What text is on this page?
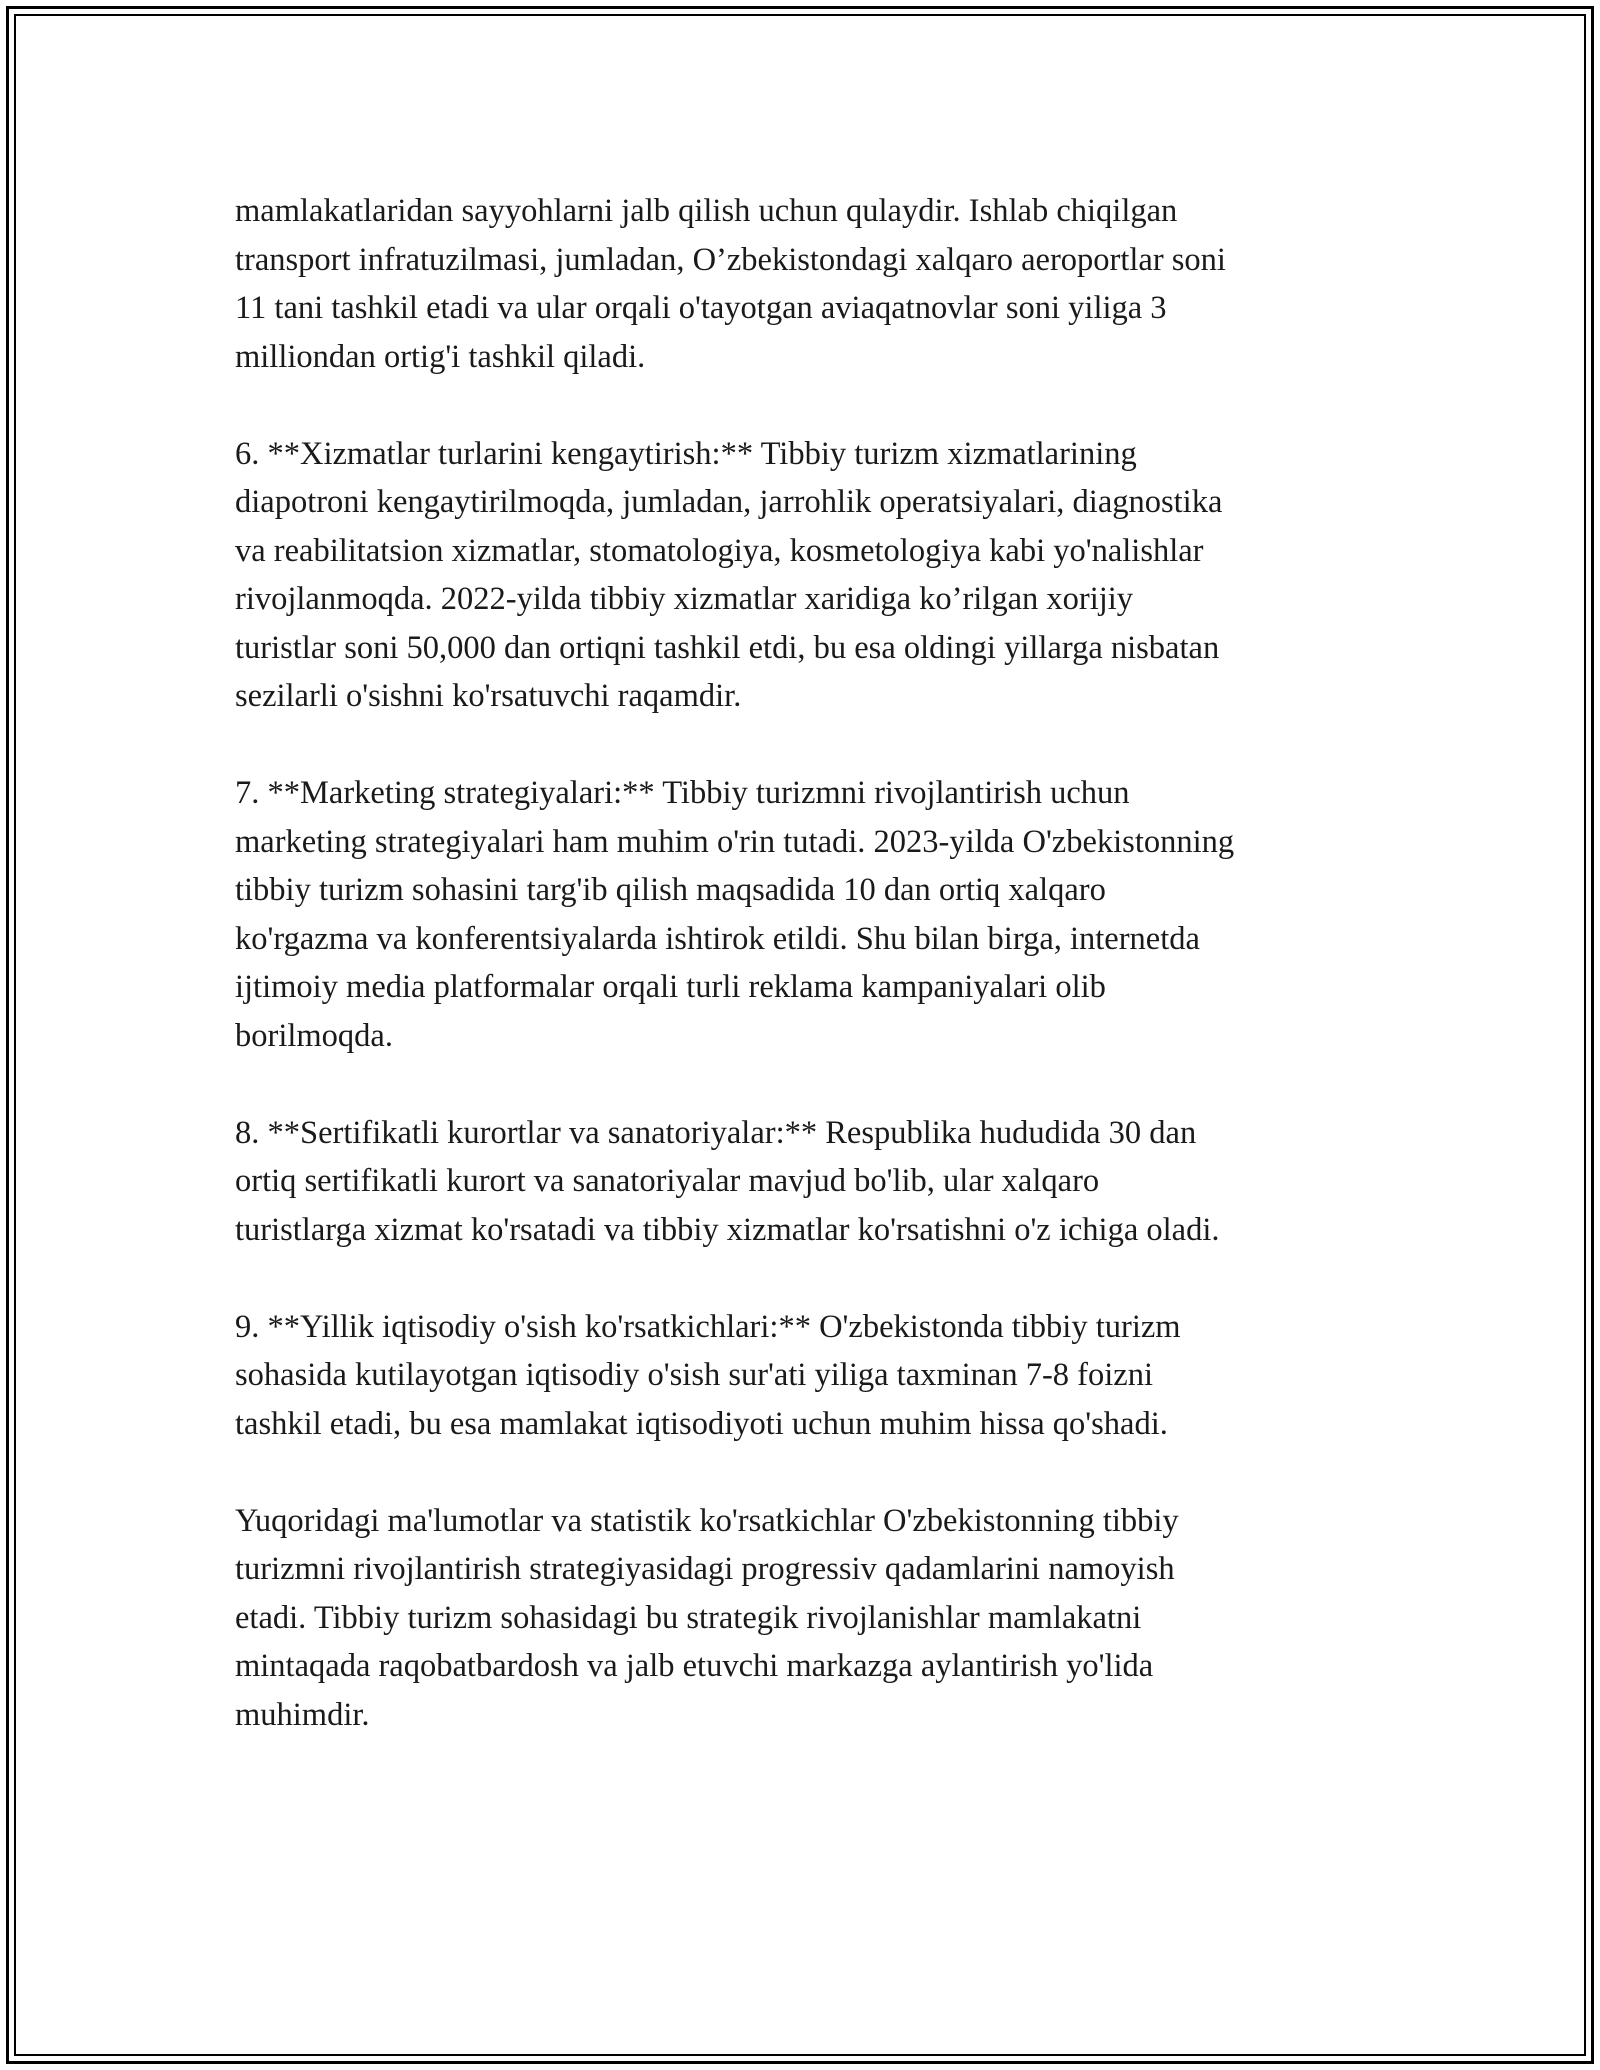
mamlakatlaridan sayyohlarni jalb qilish uchun qulaydir. Ishlab chiqilgan
transport infratuzilmasi, jumladan, O’zbekistondagi xalqaro aeroportlar soni
11 tani tashkil etadi va ular orqali o'tayotgan aviaqatnovlar soni yiliga 3
milliondan ortig'i tashkil qiladi.

6. **Xizmatlar turlarini kengaytirish:** Tibbiy turizm xizmatlarining
diapotroni kengaytirilmoqda, jumladan, jarrohlik operatsiyalari, diagnostika
va reabilitatsion xizmatlar, stomatologiya, kosmetologiya kabi yo'nalishlar
rivojlanmoqda. 2022-yilda tibbiy xizmatlar xaridiga ko’rilgan xorijiy
turistlar soni 50,000 dan ortiqni tashkil etdi, bu esa oldingi yillarga nisbatan
sezilarli o'sishni ko'rsatuvchi raqamdir.

7. **Marketing strategiyalari:** Tibbiy turizmni rivojlantirish uchun
marketing strategiyalari ham muhim o'rin tutadi. 2023-yilda O'zbekistonning
tibbiy turizm sohasini targ'ib qilish maqsadida 10 dan ortiq xalqaro
ko'rgazma va konferentsiyalarda ishtirok etildi. Shu bilan birga, internetda
ijtimoiy media platformalar orqali turli reklama kampaniyalari olib
borilmoqda.

8. **Sertifikatli kurortlar va sanatoriyalar:** Respublika hududida 30 dan
ortiq sertifikatli kurort va sanatoriyalar mavjud bo'lib, ular xalqaro
turistlarga xizmat ko'rsatadi va tibbiy xizmatlar ko'rsatishni o'z ichiga oladi.

9. **Yillik iqtisodiy o'sish ko'rsatkichlari:** O'zbekistonda tibbiy turizm
sohasida kutilayotgan iqtisodiy o'sish sur'ati yiliga taxminan 7-8 foizni
tashkil etadi, bu esa mamlakat iqtisodiyoti uchun muhim hissa qo'shadi.

Yuqoridagi ma'lumotlar va statistik ko'rsatkichlar O'zbekistonning tibbiy
turizmni rivojlantirish strategiyasidagi progressiv qadamlarini namoyish
etadi. Tibbiy turizm sohasidagi bu strategik rivojlanishlar mamlakatni
mintaqada raqobatbardosh va jalb etuvchi markazga aylantirish yo'lida
muhimdir.
